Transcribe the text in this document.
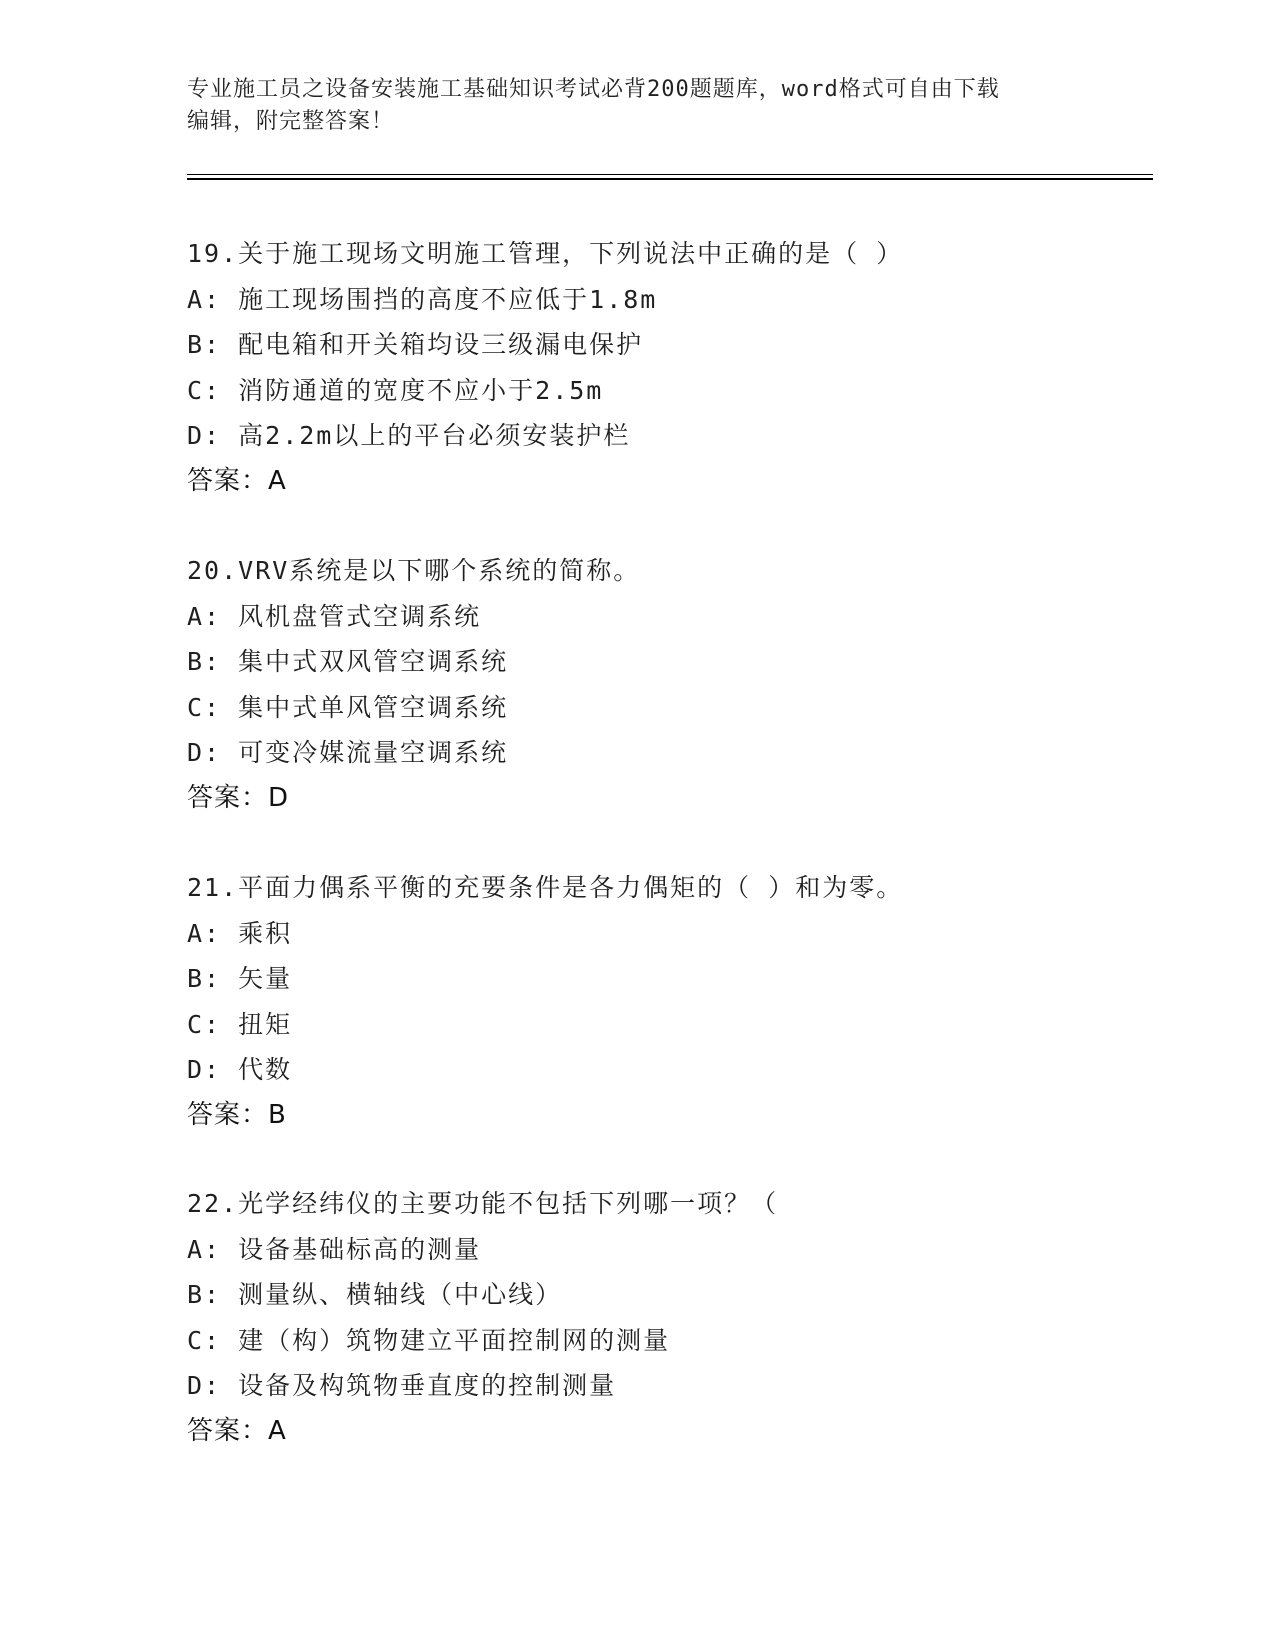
专业施工员之设备安装施工基础知识考试必背200题题库，word格式可自由下载
编辑，附完整答案！
19.关于施工现场文明施工管理，下列说法中正确的是（ ）
A: 施工现场围挡的高度不应低于1.8m
B: 配电箱和开关箱均设三级漏电保护
C: 消防通道的宽度不应小于2.5m
D: 高2.2m以上的平台必须安装护栏
答案：A
20.VRV系统是以下哪个系统的简称。
A: 风机盘管式空调系统
B: 集中式双风管空调系统
C: 集中式单风管空调系统
D: 可变冷媒流量空调系统
答案：D
21.平面力偶系平衡的充要条件是各力偶矩的（ ）和为零。
A: 乘积
B: 矢量
C: 扭矩
D: 代数
答案：B
22.光学经纬仪的主要功能不包括下列哪一项？（
A: 设备基础标高的测量
B: 测量纵、横轴线（中心线）
C: 建（构）筑物建立平面控制网的测量
D: 设备及构筑物垂直度的控制测量
答案：A
